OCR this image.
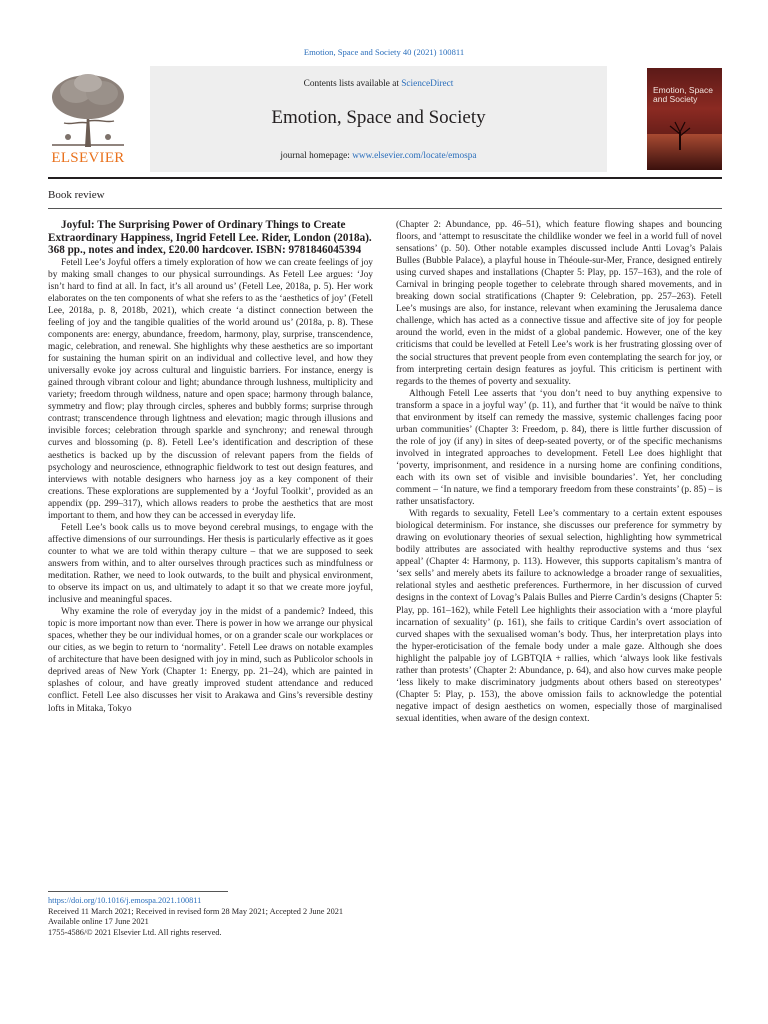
Emotion, Space and Society 40 (2021) 100811
ELSEVIER
Contents lists available at ScienceDirect
Emotion, Space and Society
journal homepage: www.elsevier.com/locate/emospa
Emotion, Space and Society
Book review

Joyful: The Surprising Power of Ordinary Things to Create Extraordinary Happiness, Ingrid Fetell Lee. Rider, London (2018a). 368 pp., notes and index, £20.00 hardcover. ISBN: 9781846045394

Fetell Lee’s Joyful offers a timely exploration of how we can create feelings of joy by making small changes to our physical surroundings. As Fetell Lee argues: ‘Joy isn’t hard to find at all. In fact, it’s all around us’ (Fetell Lee, 2018a, p. 5). Her work elaborates on the ten components of what she refers to as the ‘aesthetics of joy’ (Fetell Lee, 2018a, p. 8, 2018b, 2021), which create ‘a distinct connection between the feeling of joy and the tangible qualities of the world around us’ (2018a, p. 8). These components are: energy, abundance, freedom, harmony, play, surprise, transcendence, magic, celebration, and renewal. She highlights why these aesthetics are so important for sustaining the human spirit on an individual and collective level, and how they universally evoke joy across cultural and linguistic barriers. For instance, energy is gained through vibrant colour and light; abundance through lushness, multiplicity and variety; freedom through wildness, nature and open space; harmony through balance, symmetry and flow; play through circles, spheres and bubbly forms; surprise through contrast; transcendence through lightness and elevation; magic through illusions and invisible forces; celebration through sparkle and synchrony; and renewal through curves and blossoming (p. 8). Fetell Lee’s identification and description of these aesthetics is backed up by the discussion of relevant papers from the fields of psychology and neuroscience, ethnographic fieldwork to test out design features, and interviews with notable designers who harness joy as a key component of their creations. These explorations are supplemented by a ‘Joyful Toolkit’, provided as an appendix (pp. 299–317), which allows readers to probe the aesthetics that are most important to them, and how they can be accessed in everyday life.

Fetell Lee’s book calls us to move beyond cerebral musings, to engage with the affective dimensions of our surroundings. Her thesis is particularly effective as it goes counter to what we are told within therapy culture – that we are supposed to seek answers from within, and to alter ourselves through practices such as mindfulness or meditation. Rather, we need to look outwards, to the built and physical environment, to observe its impact on us, and ultimately to adapt it so that we create more joyful, inclusive and meaningful spaces.

Why examine the role of everyday joy in the midst of a pandemic? Indeed, this topic is more important now than ever. There is power in how we arrange our physical spaces, whether they be our individual homes, or on a grander scale our workplaces or our cities, as we begin to return to ‘normality’. Fetell Lee draws on notable examples of architecture that have been designed with joy in mind, such as Publicolor schools in deprived areas of New York (Chapter 1: Energy, pp. 21–24), which are painted in splashes of colour, and have greatly improved student attendance and reduced conflict. Fetell Lee also discusses her visit to Arakawa and Gins’s reversible destiny lofts in Mitaka, Tokyo

(Chapter 2: Abundance, pp. 46–51), which feature flowing shapes and bouncing floors, and ‘attempt to resuscitate the childlike wonder we feel in a world full of novel sensations’ (p. 50). Other notable examples discussed include Antti Lovag’s Palais Bulles (Bubble Palace), a playful house in Théoule-sur-Mer, France, designed entirely using curved shapes and installations (Chapter 5: Play, pp. 157–163), and the role of Carnival in bringing people together to celebrate through shared movements, and in breaking down social stratifications (Chapter 9: Celebration, pp. 257–263). Fetell Lee’s musings are also, for instance, relevant when examining the Jerusalema dance challenge, which has acted as a connective tissue and affective site of joy for people around the world, even in the midst of a global pandemic. However, one of the key criticisms that could be levelled at Fetell Lee’s work is her frustrating glossing over of the social structures that prevent people from even contemplating the search for joy, or from interpreting certain design features as joyful. This criticism is pertinent with regards to the themes of poverty and sexuality.

Although Fetell Lee asserts that ‘you don’t need to buy anything expensive to transform a space in a joyful way’ (p. 11), and further that ‘it would be naïve to think that environment by itself can remedy the massive, systemic challenges facing poor urban communities’ (Chapter 3: Freedom, p. 84), there is little further discussion of the role of joy (if any) in sites of deep-seated poverty, or of the specific mechanisms involved in integrated approaches to development. Fetell Lee does highlight that ‘poverty, imprisonment, and residence in a nursing home are confining conditions, each with its own set of visible and invisible boundaries’. Yet, her concluding comment – ‘In nature, we find a temporary freedom from these constraints’ (p. 85) – is rather unsatisfactory.

With regards to sexuality, Fetell Lee’s commentary to a certain extent espouses biological determinism. For instance, she discusses our preference for symmetry by drawing on evolutionary theories of sexual selection, highlighting how symmetrical bodily attributes are associated with healthy reproductive systems and thus ‘sex appeal’ (Chapter 4: Harmony, p. 113). However, this supports capitalism’s mantra of ‘sex sells’ and merely abets its failure to acknowledge a broader range of sexualities, relational styles and aesthetic preferences. Furthermore, in her discussion of curved designs in the context of Lovag’s Palais Bulles and Pierre Cardin’s designs (Chapter 5: Play, pp. 161–162), while Fetell Lee highlights their association with a ‘more playful incarnation of sexuality’ (p. 161), she fails to critique Cardin’s overt association of curved shapes with the sexualised woman’s body. Thus, her interpretation plays into the hyper-eroticisation of the female body under a male gaze. Although she does highlight the palpable joy of LGBTQIA + rallies, which ‘always look like festivals rather than protests’ (Chapter 2: Abundance, p. 64), and also how curves make people ‘less likely to make discriminatory judgments about others based on stereotypes’ (Chapter 5: Play, p. 153), the above omission fails to acknowledge the potential negative impact of design aesthetics on women, especially those of marginalised sexual identities, when aware of the design context.

https://doi.org/10.1016/j.emospa.2021.100811
Received 11 March 2021; Received in revised form 28 May 2021; Accepted 2 June 2021
Available online 17 June 2021
1755-4586/© 2021 Elsevier Ltd. All rights reserved.
